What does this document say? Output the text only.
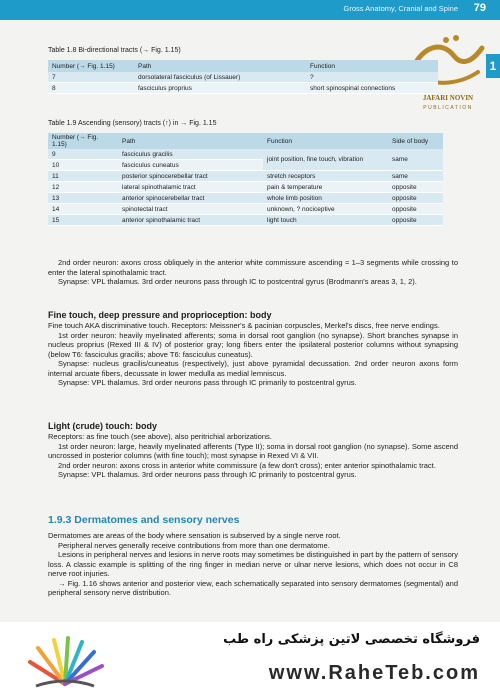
Gross Anatomy, Cranial and Spine 79
1
JAFARI NOVIN
PUBLICATION
Table 1.8 Bi-directional tracts (→ Fig. 1.15)
Number (→ Fig. 1.15)	Path	Function
7	dorsolateral fasciculus (of Lissauer)	?
8	fasciculus proprius	short spinospinal connections
Table 1.9 Ascending (sensory) tracts (↑) in → Fig. 1.15
Number (→ Fig. 1.15)	Path	Function	Side of body
9	fasciculus gracilis	joint position, fine touch, vibration	same
10	fasciculus cuneatus		
11	posterior spinocerebellar tract	stretch receptors	same
12	lateral spinothalamic tract	pain & temperature	opposite
13	anterior spinocerebellar tract	whole limb position	opposite
14	spinotectal tract	unknown, ? nociceptive	opposite
15	anterior spinothalamic tract	light touch	opposite

2nd order neuron: axons cross obliquely in the anterior white commissure ascending ≈ 1–3 segments while crossing to enter the lateral spinothalamic tract.

Synapse: VPL thalamus. 3rd order neurons pass through IC to postcentral gyrus (Brodmann's areas 3, 1, 2).

Fine touch, deep pressure and proprioception: body

Fine touch AKA discriminative touch. Receptors: Meissner's & pacinian corpuscles, Merkel's discs, free nerve endings.

1st order neuron: heavily myelinated afferents; soma in dorsal root ganglion (no synapse). Short branches synapse in nucleus proprius (Rexed III & IV) of posterior gray; long fibers enter the ipsilateral posterior columns without synapsing (below T6: fasciculus gracilis; above T6: fasciculus cuneatus).

Synapse: nucleus gracilis/cuneatus (respectively), just above pyramidal decussation. 2nd order neuron axons form internal arcuate fibers, decussate in lower medulla as medial lemniscus.

Synapse: VPL thalamus. 3rd order neurons pass through IC primarily to postcentral gyrus.

Light (crude) touch: body

Receptors: as fine touch (see above), also peritrichial arborizations.

1st order neuron: large, heavily myelinated afferents (Type II); soma in dorsal root ganglion (no synapse). Some ascend uncrossed in posterior columns (with fine touch); most synapse in Rexed VI & VII.

2nd order neuron: axons cross in anterior white commissure (a few don't cross); enter anterior spinothalamic tract.

Synapse: VPL thalamus. 3rd order neurons pass through IC primarily to postcentral gyrus.

1.9.3 Dermatomes and sensory nerves

Dermatomes are areas of the body where sensation is subserved by a single nerve root.

Peripheral nerves generally receive contributions from more than one dermatome.

Lesions in peripheral nerves and lesions in nerve roots may sometimes be distinguished in part by the pattern of sensory loss. A classic example is splitting of the ring finger in median nerve or ulnar nerve lesions, which does not occur in C8 nerve root injuries.

→ Fig. 1.16 shows anterior and posterior view, each schematically separated into sensory dermatomes (segmental) and peripheral sensory nerve distribution.

فروشگاه تخصصی لاتین پزشکی راه طب
www.RaheTeb.com
